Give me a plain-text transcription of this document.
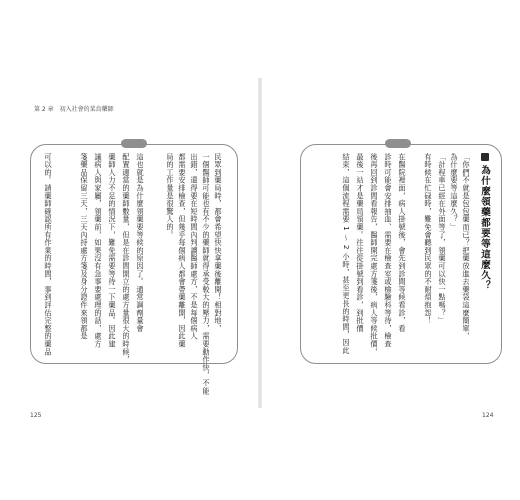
第 2 章　初入社會的菜鳥藥師
民眾到藥局時，都會希望快快拿藥後離開！相對地，
一個醫師可能也有不少的藥師就得承受較大的壓力，需要動作快，不能
出錯，還得要在短時間內判讀醫師處方，不是每個病人
都需要安排檢查，但幾乎每個病人都會帶藥離開，因此藥
局的工作量是很驚人的。
這也就是為什麼領藥要等候的原因了。通常調劑量會
配置適當的藥師數量，但是在診間開立的處方量很大的時候，
藥師人力不足的情況下，難免需要等待一下藥品。因此建
議病人與家屬，領藥前，如果沒有急事要處理的話，處方
箋藥品保留三天，三天內持處方箋及身分證件來領都是
可以的。請藥師確認所有作業的時間，事到評估完整的藥品	為什麼領藥都要等這麼久？
「你們不就是包包藥而已？把藥放進去藥袋這麼簡單，
為什麼要等這麼久？」
「計程車已經在外面等了，領藥可以快一點嗎？」
有時候在忙碌時，難免會聽到民眾的不耐煩抱怨！
在醫院裡面，病人掛號後，會先到診間等候看診，看
診時可能會安排抽血、需要在檢查室或檢驗科等待，檢查
後再回到診間看報告，醫師開完處方箋後，病人等候批價，
最後一站才是藥局領藥。往往從掛號到看診，到批價
結束，這個流程需要 1 ～ 2 小時，甚至更長的時間，因此
125	124
